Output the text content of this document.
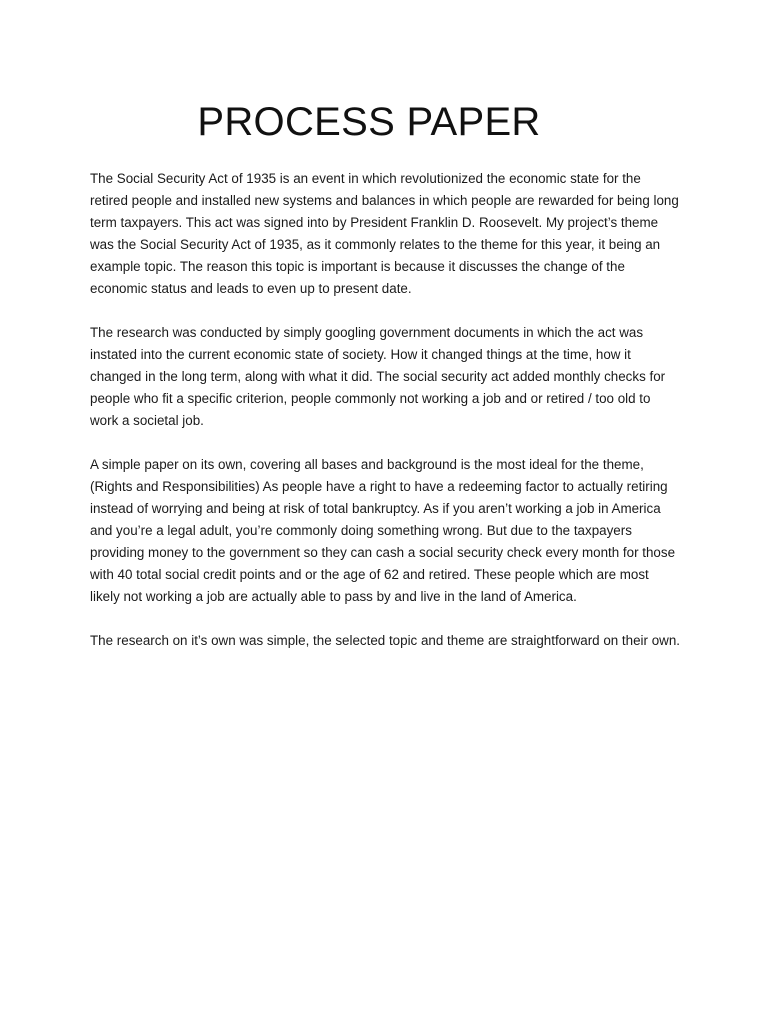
PROCESS PAPER

The Social Security Act of 1935 is an event in which revolutionized the economic state for the retired people and installed new systems and balances in which people are rewarded for being long term taxpayers. This act was signed into by President Franklin D. Roosevelt. My project’s theme was the Social Security Act of 1935, as it commonly relates to the theme for this year, it being an example topic. The reason this topic is important is because it discusses the change of the economic status and leads to even up to present date.

The research was conducted by simply googling government documents in which the act was instated into the current economic state of society. How it changed things at the time, how it changed in the long term, along with what it did. The social security act added monthly checks for people who fit a specific criterion, people commonly not working a job and or retired / too old to work a societal job.

A simple paper on its own, covering all bases and background is the most ideal for the theme, (Rights and Responsibilities) As people have a right to have a redeeming factor to actually retiring instead of worrying and being at risk of total bankruptcy. As if you aren’t working a job in America and you’re a legal adult, you’re commonly doing something wrong. But due to the taxpayers providing money to the government so they can cash a social security check every month for those with 40 total social credit points and or the age of 62 and retired. These people which are most likely not working a job are actually able to pass by and live in the land of America.

The research on it’s own was simple, the selected topic and theme are straightforward on their own.
